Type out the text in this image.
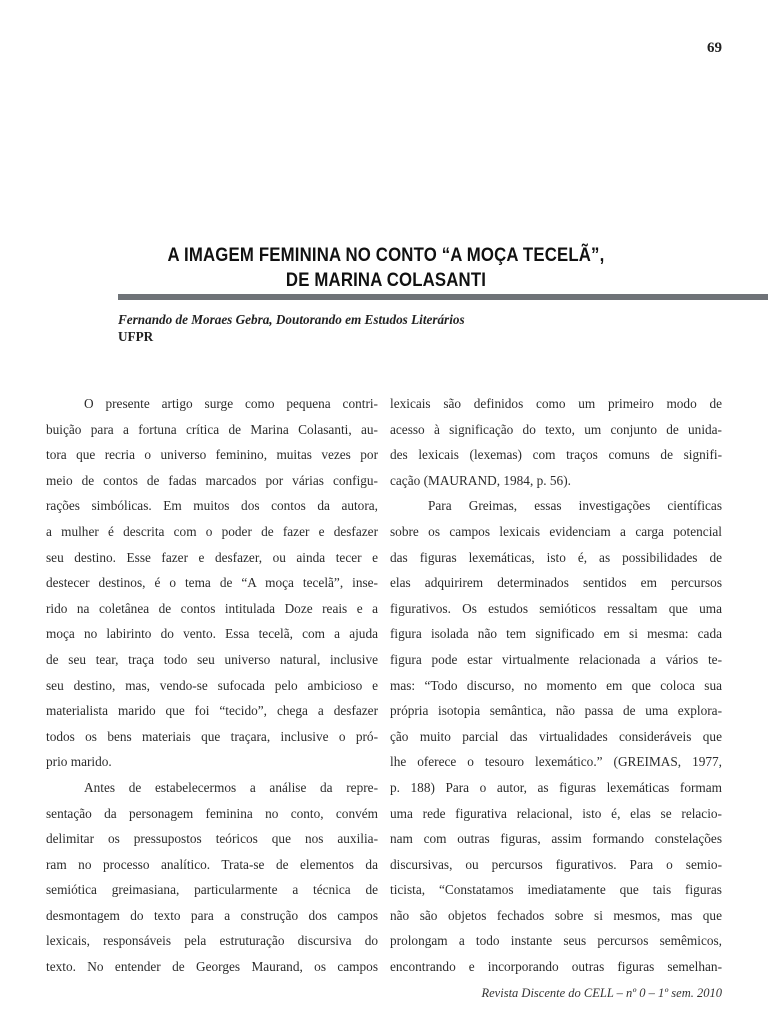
69
A IMAGEM FEMININA NO CONTO “A MOÇA TECELÃ”,
DE MARINA COLASANTI
Fernando de Moraes Gebra, Doutorando em Estudos Literários
UFPR
O presente artigo surge como pequena contri-
buição para a fortuna crítica de Marina Colasanti, au-
tora que recria o universo feminino, muitas vezes por
meio de contos de fadas marcados por várias configu-
rações simbólicas. Em muitos dos contos da autora,
a mulher é descrita com o poder de fazer e desfazer
seu destino. Esse fazer e desfazer, ou ainda tecer e
destecer destinos, é o tema de “A moça tecelã”, inse-
rido na coletânea de contos intitulada Doze reais e a
moça no labirinto do vento. Essa tecelã, com a ajuda
de seu tear, traça todo seu universo natural, inclusive
seu destino, mas, vendo-se sufocada pelo ambicioso e
materialista marido que foi “tecido”, chega a desfazer
todos os bens materiais que traçara, inclusive o pró-
prio marido.
Antes de estabelecermos a análise da repre-
sentação da personagem feminina no conto, convém
delimitar os pressupostos teóricos que nos auxilia-
ram no processo analítico. Trata-se de elementos da
semiótica greimasiana, particularmente a técnica de
desmontagem do texto para a construção dos campos
lexicais, responsáveis pela estruturação discursiva do
texto. No entender de Georges Maurand, os campos
lexicais são definidos como um primeiro modo de
acesso à significação do texto, um conjunto de unida-
des lexicais (lexemas) com traços comuns de signifi-
cação (MAURAND, 1984, p. 56).
Para Greimas, essas investigações científicas
sobre os campos lexicais evidenciam a carga potencial
das figuras lexemáticas, isto é, as possibilidades de
elas adquirirem determinados sentidos em percursos
figurativos. Os estudos semióticos ressaltam que uma
figura isolada não tem significado em si mesma: cada
figura pode estar virtualmente relacionada a vários te-
mas: “Todo discurso, no momento em que coloca sua
própria isotopia semântica, não passa de uma explora-
ção muito parcial das virtualidades consideráveis que
lhe oferece o tesouro lexemático.” (GREIMAS, 1977,
p. 188) Para o autor, as figuras lexemáticas formam
uma rede figurativa relacional, isto é, elas se relacio-
nam com outras figuras, assim formando constelações
discursivas, ou percursos figurativos. Para o semio-
ticista, “Constatamos imediatamente que tais figuras
não são objetos fechados sobre si mesmos, mas que
prolongam a todo instante seus percursos semêmicos,
encontrando e incorporando outras figuras semelhan-
Revista Discente do CELL – nº 0 – 1º sem. 2010
